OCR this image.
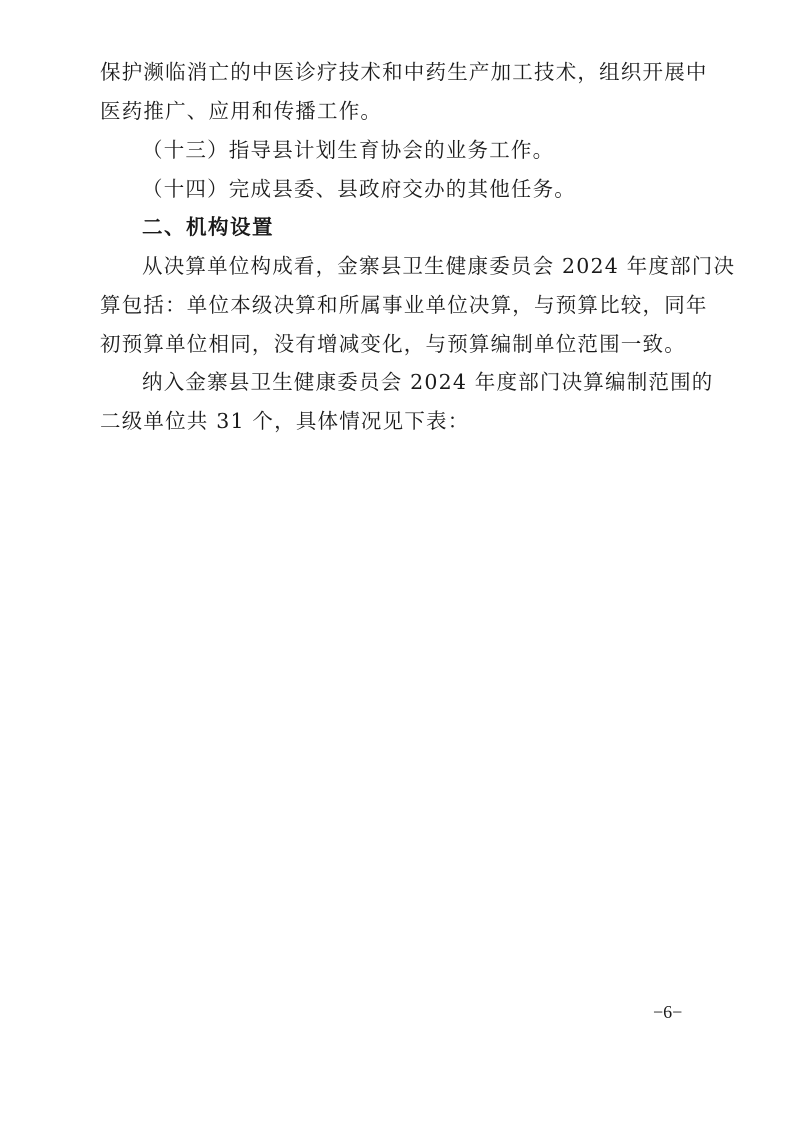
保护濒临消亡的中医诊疗技术和中药生产加工技术，组织开展中
医药推广、应用和传播工作。
（十三）指导县计划生育协会的业务工作。
（十四）完成县委、县政府交办的其他任务。
二、机构设置
从决算单位构成看，金寨县卫生健康委员会 2024 年度部门决
算包括：单位本级决算和所属事业单位决算，与预算比较，同年
初预算单位相同，没有增减变化，与预算编制单位范围一致。
纳入金寨县卫生健康委员会 2024 年度部门决算编制范围的
二级单位共 31 个，具体情况见下表：
−6−
